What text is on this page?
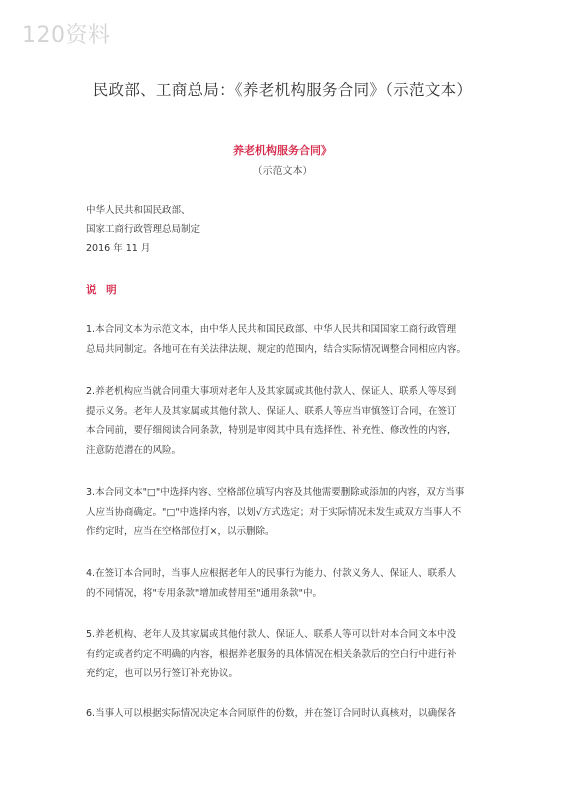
120资料
民政部、工商总局：《养老机构服务合同》（示范文本）
养老机构服务合同》
（示范文本）
中华人民共和国民政部、
国家工商行政管理总局制定
2016 年 11 月
说 明

1.本合同文本为示范文本，由中华人民共和国民政部、中华人民共和国国家工商行政管理

总局共同制定。各地可在有关法律法规、规定的范围内，结合实际情况调整合同相应内容。

2.养老机构应当就合同重大事项对老年人及其家属或其他付款人、保证人、联系人等尽到

提示义务。老年人及其家属或其他付款人、保证人、联系人等应当审慎签订合同，在签订

本合同前，要仔细阅读合同条款，特别是审阅其中具有选择性、补充性、修改性的内容，

注意防范潜在的风险。

3.本合同文本"□"中选择内容、空格部位填写内容及其他需要删除或添加的内容，双方当事

人应当协商确定。"□"中选择内容，以划√方式选定；对于实际情况未发生或双方当事人不

作约定时，应当在空格部位打×，以示删除。

4.在签订本合同时，当事人应根据老年人的民事行为能力、付款义务人、保证人、联系人

的不同情况，将"专用条款"增加或替用至"通用条款"中。

5.养老机构、老年人及其家属或其他付款人、保证人、联系人等可以针对本合同文本中没

有约定或者约定不明确的内容，根据养老服务的具体情况在相关条款后的空白行中进行补

充约定，也可以另行签订补充协议。

6.当事人可以根据实际情况决定本合同原件的份数，并在签订合同时认真核对，以确保各
